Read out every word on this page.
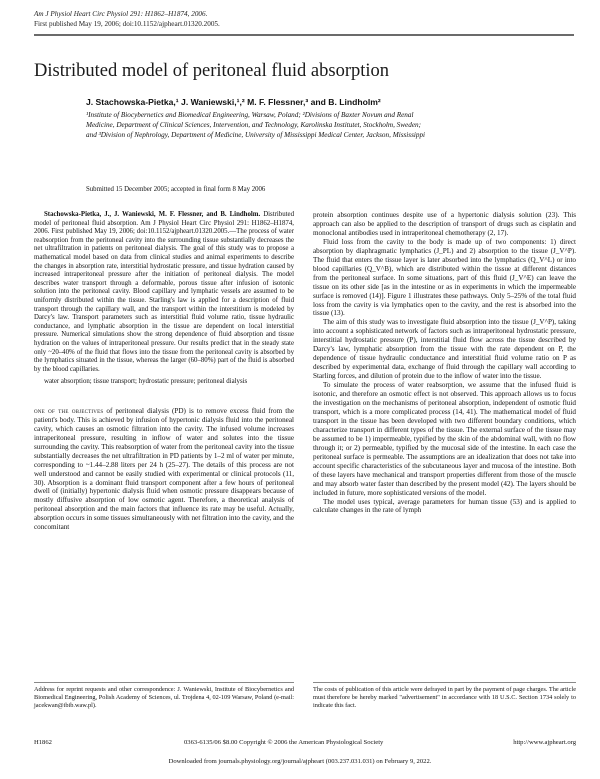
Am J Physiol Heart Circ Physiol 291: H1862–H1874, 2006.
First published May 19, 2006; doi:10.1152/ajpheart.01320.2005.
Distributed model of peritoneal fluid absorption
J. Stachowska-Pietka,¹ J. Waniewski,¹,² M. F. Flessner,³ and B. Lindholm²
¹Institute of Biocybernetics and Biomedical Engineering, Warsaw, Poland; ²Divisions of Baxter Novum and Renal
Medicine, Department of Clinical Sciences, Intervention, and Technology, Karolinska Institutet, Stockholm, Sweden;
and ³Division of Nephrology, Department of Medicine, University of Mississippi Medical Center, Jackson, Mississippi
Submitted 15 December 2005; accepted in final form 8 May 2006

Stachowska-Pietka, J., J. Waniewski, M. F. Flessner, and B. Lindholm. Distributed model of peritoneal fluid absorption. Am J Physiol Heart Circ Physiol 291: H1862–H1874, 2006. First published May 19, 2006; doi:10.1152/ajpheart.01320.2005.—The process of water reabsorption from the peritoneal cavity into the surrounding tissue substantially decreases the net ultrafiltration in patients on peritoneal dialysis. The goal of this study was to propose a mathematical model based on data from clinical studies and animal experiments to describe the changes in absorption rate, interstitial hydrostatic pressure, and tissue hydration caused by increased intraperitoneal pressure after the initiation of peritoneal dialysis. The model describes water transport through a deformable, porous tissue after infusion of isotonic solution into the peritoneal cavity. Blood capillary and lymphatic vessels are assumed to be uniformly distributed within the tissue. Starling's law is applied for a description of fluid transport through the capillary wall, and the transport within the interstitium is modeled by Darcy's law. Transport parameters such as interstitial fluid volume ratio, tissue hydraulic conductance, and lymphatic absorption in the tissue are dependent on local interstitial pressure. Numerical simulations show the strong dependence of fluid absorption and tissue hydration on the values of intraperitoneal pressure. Our results predict that in the steady state only ~20–40% of the fluid that flows into the tissue from the peritoneal cavity is absorbed by the lymphatics situated in the tissue, whereas the larger (60–80%) part of the fluid is absorbed by the blood capillaries.

water absorption; tissue transport; hydrostatic pressure; peritoneal dialysis

one of the objectives of peritoneal dialysis (PD) is to remove excess fluid from the patient's body. This is achieved by infusion of hypertonic dialysis fluid into the peritoneal cavity, which causes an osmotic filtration into the cavity. The infused volume increases intraperitoneal pressure, resulting in inflow of water and solutes into the tissue surrounding the cavity. This reabsorption of water from the peritoneal cavity into the tissue substantially decreases the net ultrafiltration in PD patients by 1–2 ml of water per minute, corresponding to ~1.44–2.88 liters per 24 h (25–27). The details of this process are not well understood and cannot be easily studied with experimental or clinical protocols (11, 30). Absorption is a dominant fluid transport component after a few hours of peritoneal dwell of (initially) hypertonic dialysis fluid when osmotic pressure disappears because of mostly diffusive absorption of low osmotic agent. Therefore, a theoretical analysis of peritoneal absorption and the main factors that influence its rate may be useful. Actually, absorption occurs in some tissues simultaneously with net filtration into the cavity, and the concomitant

protein absorption continues despite use of a hypertonic dialysis solution (23). This approach can also be applied to the description of transport of drugs such as cisplatin and monoclonal antibodies used in intraperitoneal chemotherapy (2, 17).

Fluid loss from the cavity to the body is made up of two components: 1) direct absorption by diaphragmatic lymphatics (J_PL) and 2) absorption to the tissue (J_V^P). The fluid that enters the tissue layer is later absorbed into the lymphatics (Q_V^L) or into blood capillaries (Q_V^B), which are distributed within the tissue at different distances from the peritoneal surface. In some situations, part of this fluid (J_V^E) can leave the tissue on its other side [as in the intestine or as in experiments in which the impermeable surface is removed (14)]. Figure 1 illustrates these pathways. Only 5–25% of the total fluid loss from the cavity is via lymphatics open to the cavity, and the rest is absorbed into the tissue (13).

The aim of this study was to investigate fluid absorption into the tissue (J_V^P), taking into account a sophisticated network of factors such as intraperitoneal hydrostatic pressure, interstitial hydrostatic pressure (P), interstitial fluid flow across the tissue described by Darcy's law, lymphatic absorption from the tissue with the rate dependent on P, the dependence of tissue hydraulic conductance and interstitial fluid volume ratio on P as described by experimental data, exchange of fluid through the capillary wall according to Starling forces, and dilution of protein due to the inflow of water into the tissue.

To simulate the process of water reabsorption, we assume that the infused fluid is isotonic, and therefore an osmotic effect is not observed. This approach allows us to focus the investigation on the mechanisms of peritoneal absorption, independent of osmotic fluid transport, which is a more complicated process (14, 41). The mathematical model of fluid transport in the tissue has been developed with two different boundary conditions, which characterize transport in different types of the tissue. The external surface of the tissue may be assumed to be 1) impermeable, typified by the skin of the abdominal wall, with no flow through it; or 2) permeable, typified by the mucosal side of the intestine. In each case the peritoneal surface is permeable. The assumptions are an idealization that does not take into account specific characteristics of the subcutaneous layer and mucosa of the intestine. Both of these layers have mechanical and transport properties different from those of the muscle and may absorb water faster than described by the present model (42). The layers should be included in future, more sophisticated versions of the model.

The model uses typical, average parameters for human tissue (53) and is applied to calculate changes in the rate of lymph

Address for reprint requests and other correspondence: J. Waniewski, Institute of Biocybernetics and Biomedical Engineering, Polish Academy of Sciences, ul. Trojdena 4, 02-109 Warsaw, Poland (e-mail: jacekwan@ibib.waw.pl).
The costs of publication of this article were defrayed in part by the payment of page charges. The article must therefore be hereby marked "advertisement" in accordance with 18 U.S.C. Section 1734 solely to indicate this fact.
H1862	0363-6135/06 $8.00 Copyright © 2006 the American Physiological Society	http://www.ajpheart.org
Downloaded from journals.physiology.org/journal/ajpheart (003.237.031.031) on February 9, 2022.
